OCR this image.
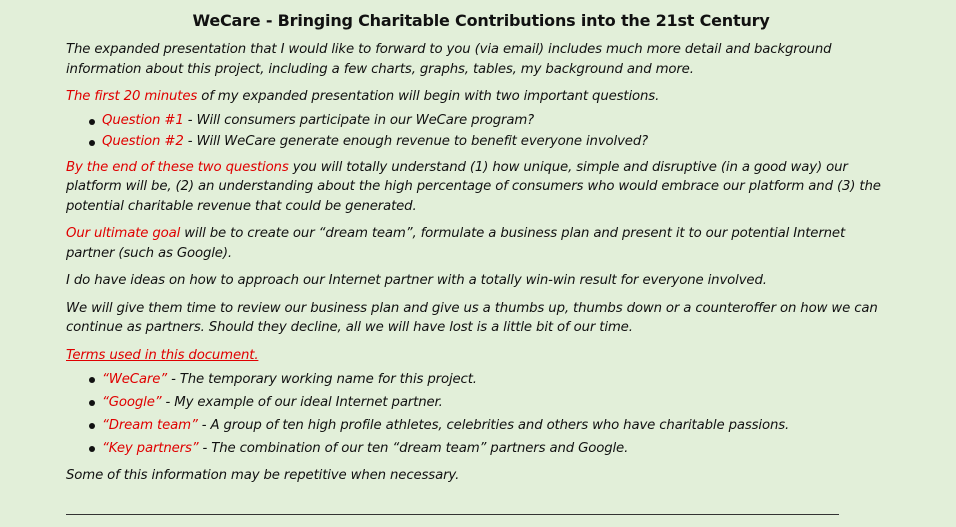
WeCare - Bringing Charitable Contributions into the 21st Century

The expanded presentation that I would like to forward to you (via email) includes much more detail and background information about this project, including a few charts, graphs, tables, my background and more.

The first 20 minutes of my expanded presentation will begin with two important questions.

Question #1 - Will consumers participate in our WeCare program?
Question #2 - Will WeCare generate enough revenue to benefit everyone involved?

By the end of these two questions you will totally understand (1) how unique, simple and disruptive (in a good way) our platform will be, (2) an understanding about the high percentage of consumers who would embrace our platform and (3) the potential charitable revenue that could be generated.

Our ultimate goal will be to create our “dream team”, formulate a business plan and present it to our potential Internet partner (such as Google).

I do have ideas on how to approach our Internet partner with a totally win-win result for everyone involved.

We will give them time to review our business plan and give us a thumbs up, thumbs down or a counteroffer on how we can continue as partners. Should they decline, all we will have lost is a little bit of our time.

Terms used in this document.

“WeCare” - The temporary working name for this project.
“Google” - My example of our ideal Internet partner.
“Dream team” - A group of ten high profile athletes, celebrities and others who have charitable passions.
“Key partners” - The combination of our ten “dream team” partners and Google.

Some of this information may be repetitive when necessary.
